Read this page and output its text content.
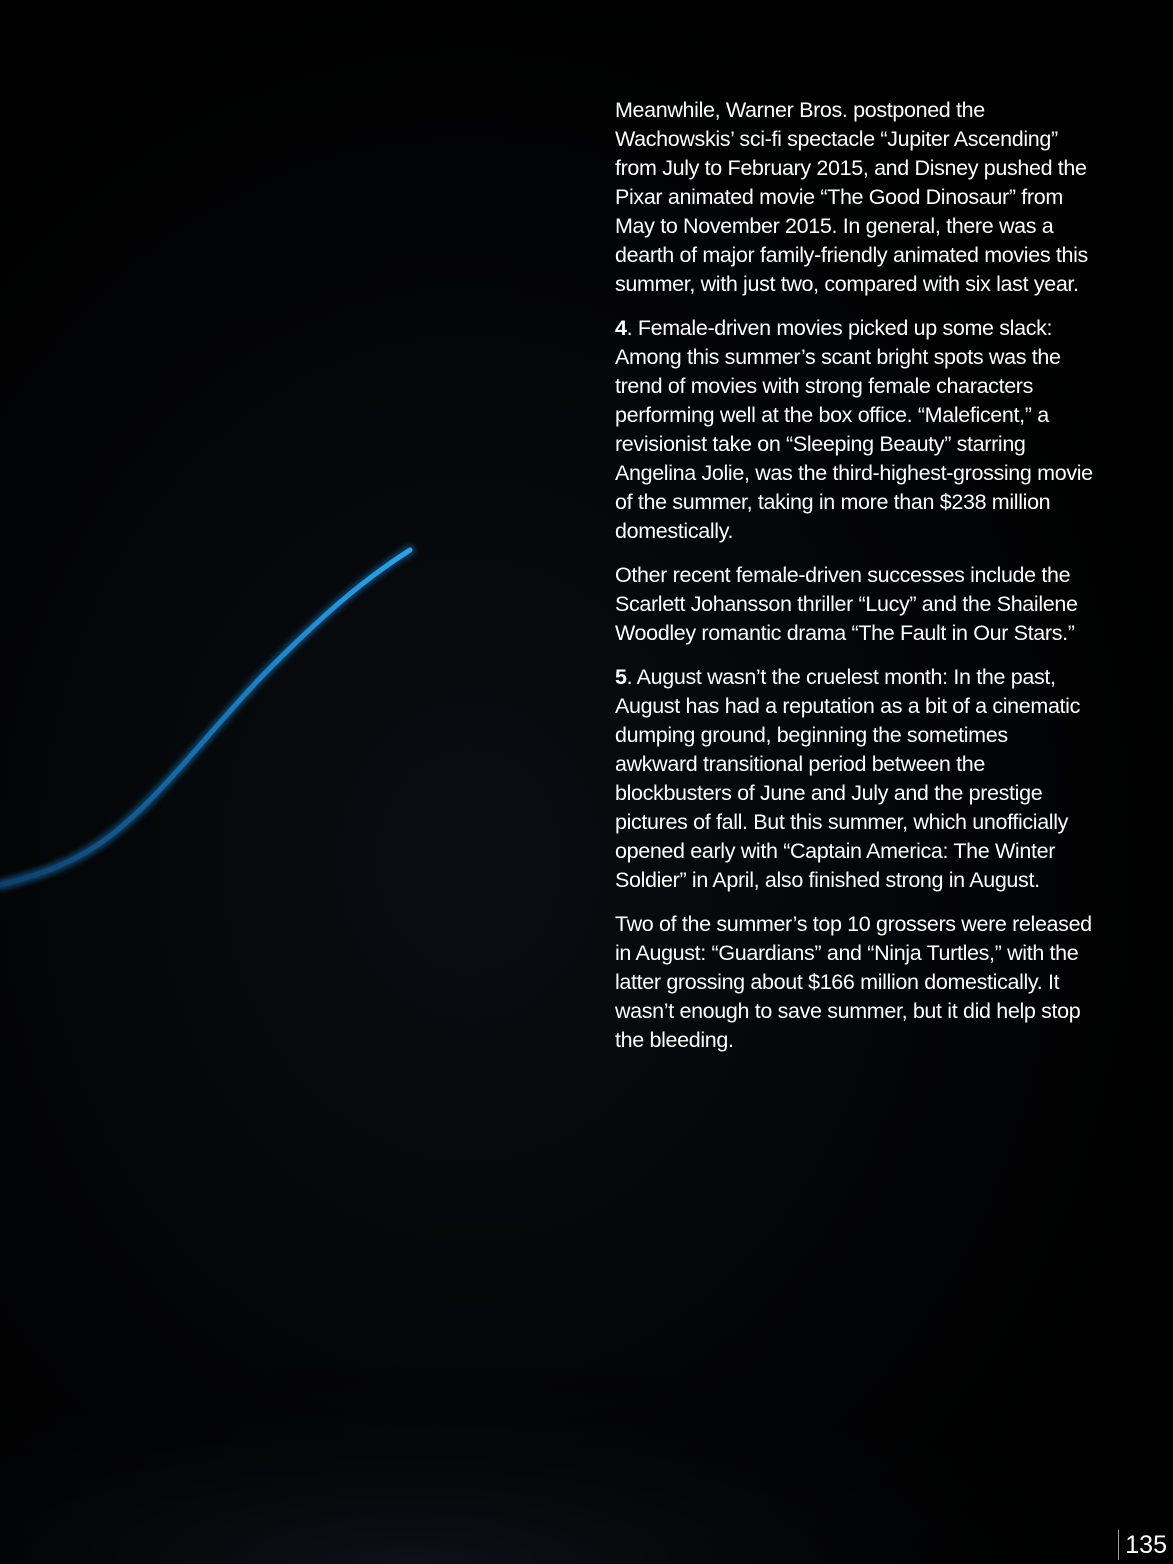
Meanwhile, Warner Bros. postponed the Wachowskis’ sci-fi spectacle “Jupiter Ascending” from July to February 2015, and Disney pushed the Pixar animated movie “The Good Dinosaur” from May to November 2015. In general, there was a dearth of major family-friendly animated movies this summer, with just two, compared with six last year.

4. Female-driven movies picked up some slack: Among this summer’s scant bright spots was the trend of movies with strong female characters performing well at the box office. “Maleficent,” a revisionist take on “Sleeping Beauty” starring Angelina Jolie, was the third-highest-grossing movie of the summer, taking in more than $238 million domestically.

Other recent female-driven successes include the Scarlett Johansson thriller “Lucy” and the Shailene Woodley romantic drama “The Fault in Our Stars.”

5. August wasn’t the cruelest month: In the past, August has had a reputation as a bit of a cinematic dumping ground, beginning the sometimes awkward transitional period between the blockbusters of June and July and the prestige pictures of fall. But this summer, which unofficially opened early with “Captain America: The Winter Soldier” in April, also finished strong in August.

Two of the summer’s top 10 grossers were released in August: “Guardians” and “Ninja Turtles,” with the latter grossing about $166 million domestically. It wasn’t enough to save summer, but it did help stop the bleeding.

135
